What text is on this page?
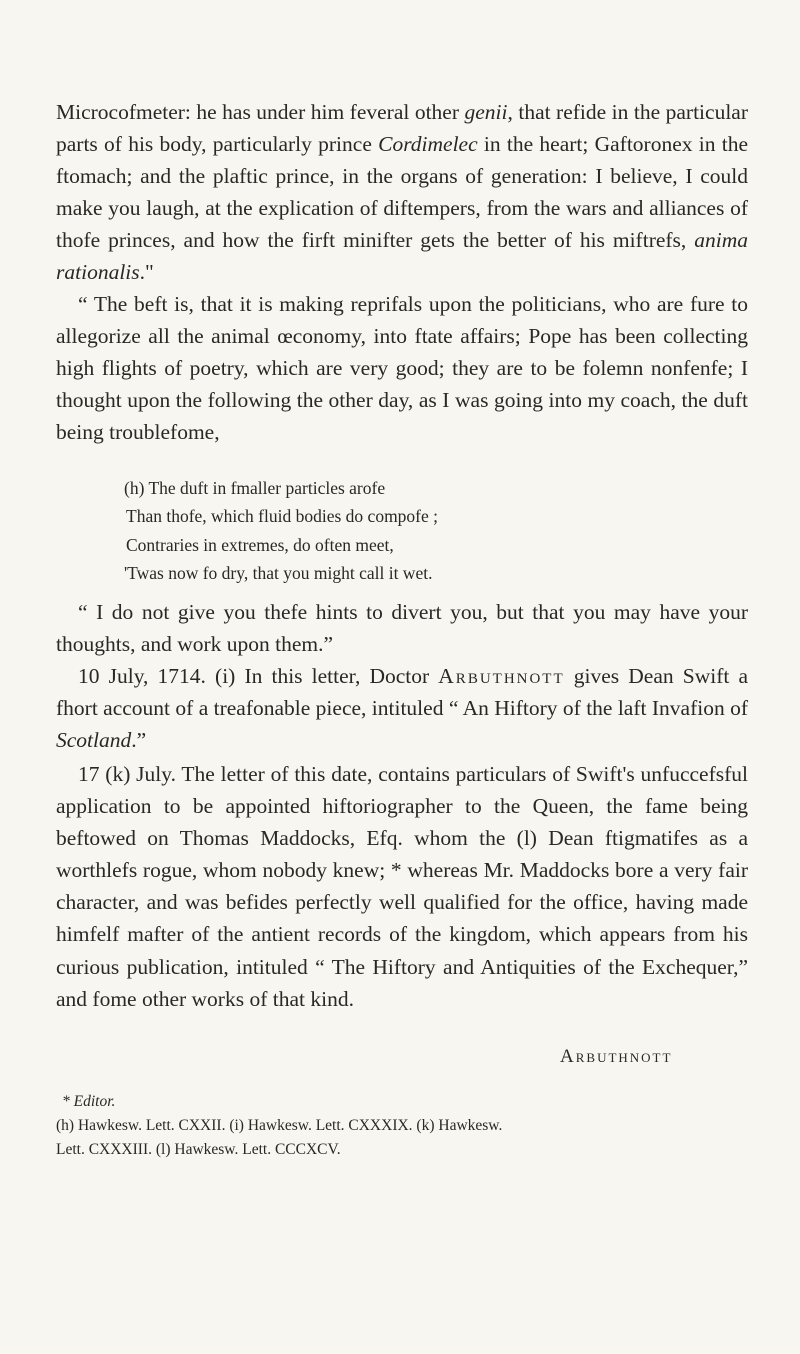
Microcofmeter: he has under him feveral other genii, that refide in the particular parts of his body, particularly prince Cordimelec in the heart; Gaftoronex in the ftomach; and the plaftic prince, in the organs of generation: I believe, I could make you laugh, at the explication of diftempers, from the wars and alliances of thofe princes, and how the firft minifter gets the better of his miftrefs, anima rationalis."

“ The beft is, that it is making reprifals upon the politicians, who are fure to allegorize all the animal œconomy, into ftate affairs; Pope has been collecting high flights of poetry, which are very good; they are to be folemn nonfenfe; I thought upon the following the other day, as I was going into my coach, the duft being troublefome,

(h) The duft in fmaller particles arofe
Than thofe, which fluid bodies do compofe ;
Contraries in extremes, do often meet,
'Twas now fo dry, that you might call it wet.

“ I do not give you thefe hints to divert you, but that you may have your thoughts, and work upon them.”

10 July, 1714. (i) In this letter, Doctor Arbuthnott gives Dean Swift a fhort account of a treafonable piece, intituled “ An Hiftory of the laft Invafion of Scotland.”

17 (k) July. The letter of this date, contains particulars of Swift's unfuccefsful application to be appointed hiftoriographer to the Queen, the fame being beftowed on Thomas Maddocks, Efq. whom the (l) Dean ftigmatifes as a worthlefs rogue, whom nobody knew; * whereas Mr. Maddocks bore a very fair character, and was befides perfectly well qualified for the office, having made himfelf mafter of the antient records of the kingdom, which appears from his curious publication, intituled “ The Hiftory and Antiquities of the Exchequer,” and fome other works of that kind.

Arbuthnott
* Editor.
(h) Hawkesw. Lett. CXXII. (i) Hawkesw. Lett. CXXXIX. (k) Hawkesw.
Lett. CXXXIII. (l) Hawkesw. Lett. CCCXCV.
